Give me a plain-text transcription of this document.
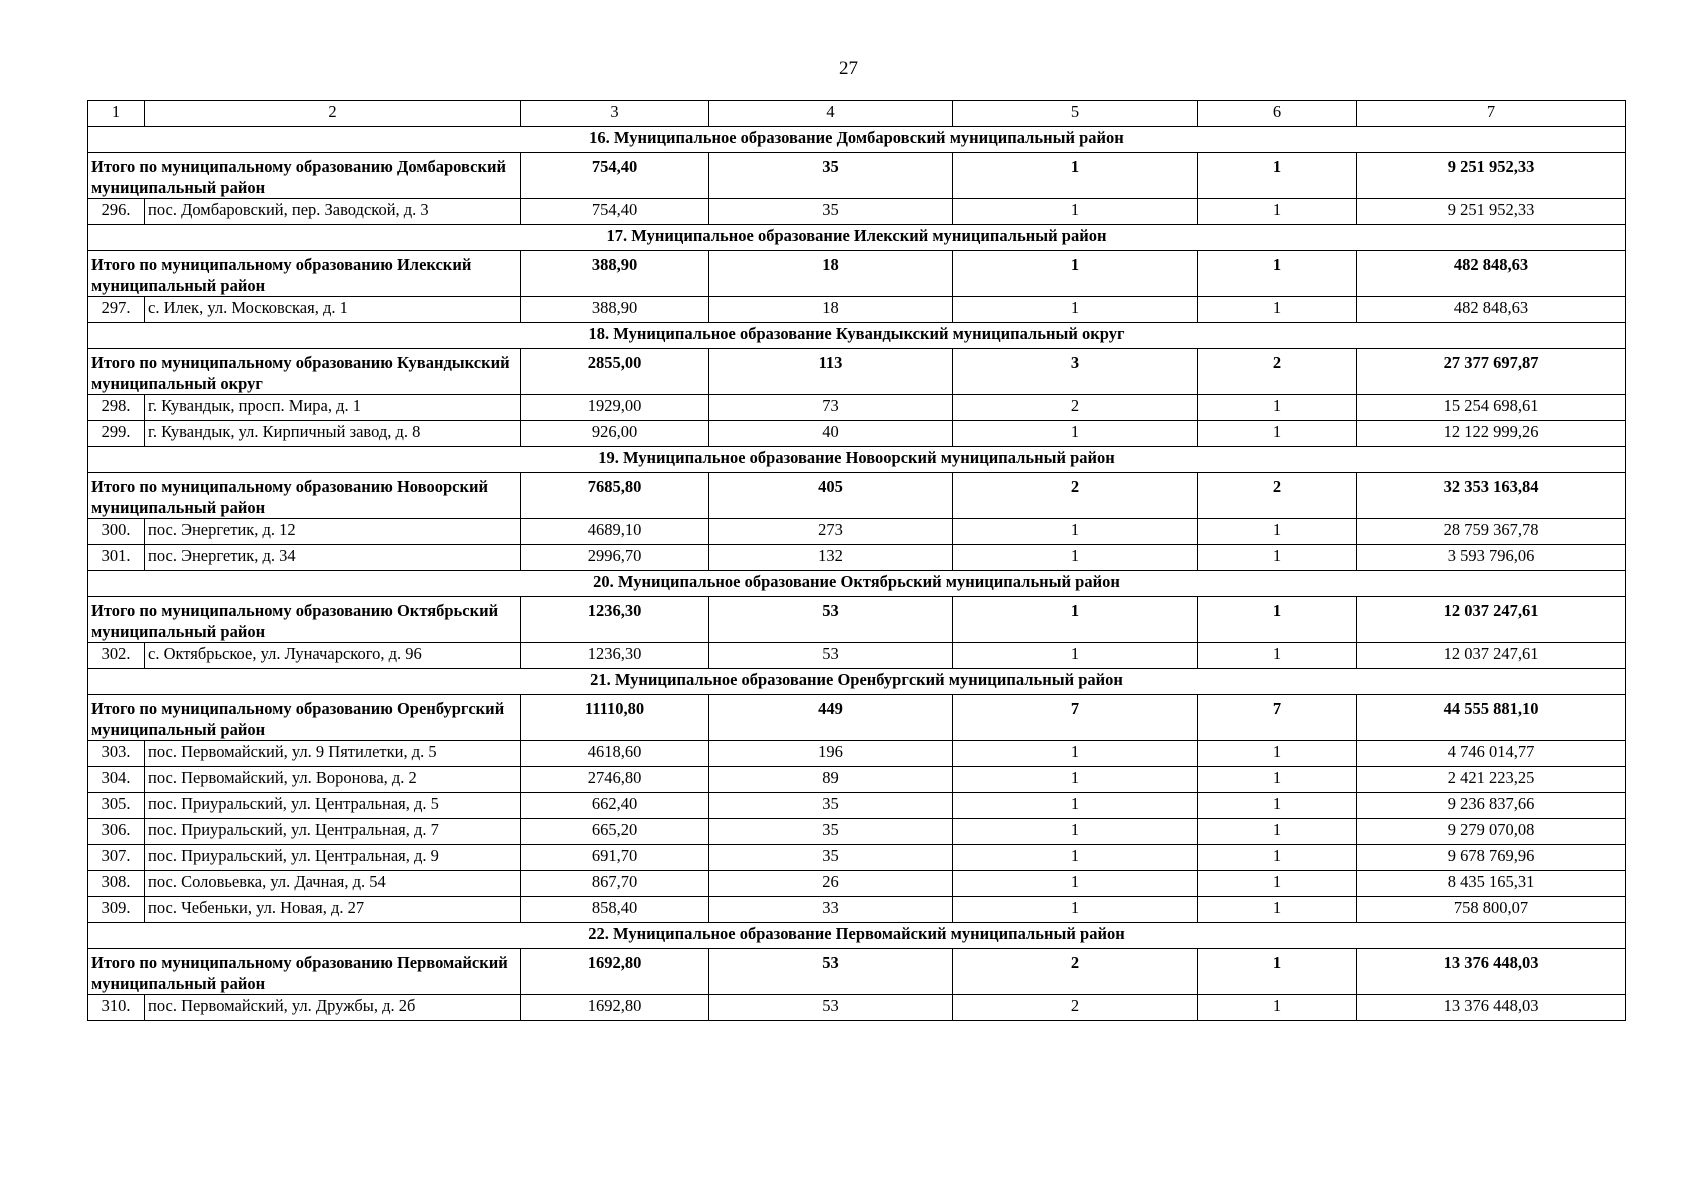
27
1	2	3	4	5	6	7
16. Муниципальное образование Домбаровский муниципальный район						
Итого по муниципальному образованию Домбаровский муниципальный район		754,40	35	1	1	9 251 952,33
296.	пос. Домбаровский, пер. Заводской, д. 3	754,40	35	1	1	9 251 952,33
17. Муниципальное образование Илекский муниципальный район						
Итого по муниципальному образованию Илекский муниципальный район		388,90	18	1	1	482 848,63
297.	с. Илек, ул. Московская, д. 1	388,90	18	1	1	482 848,63
18. Муниципальное образование Кувандыкский муниципальный округ						
Итого по муниципальному образованию Кувандыкский муниципальный округ		2855,00	113	3	2	27 377 697,87
298.	г. Кувандык, просп. Мира, д. 1	1929,00	73	2	1	15 254 698,61
299.	г. Кувандык, ул. Кирпичный завод, д. 8	926,00	40	1	1	12 122 999,26
19. Муниципальное образование Новоорский муниципальный район						
Итого по муниципальному образованию Новоорский муниципальный район		7685,80	405	2	2	32 353 163,84
300.	пос. Энергетик, д. 12	4689,10	273	1	1	28 759 367,78
301.	пос. Энергетик, д. 34	2996,70	132	1	1	3 593 796,06
20. Муниципальное образование Октябрьский муниципальный район						
Итого по муниципальному образованию Октябрьский муниципальный район		1236,30	53	1	1	12 037 247,61
302.	с. Октябрьское, ул. Луначарского, д. 96	1236,30	53	1	1	12 037 247,61
21. Муниципальное образование Оренбургский муниципальный район						
Итого по муниципальному образованию Оренбургский муниципальный район		11110,80	449	7	7	44 555 881,10
303.	пос. Первомайский, ул. 9 Пятилетки, д. 5	4618,60	196	1	1	4 746 014,77
304.	пос. Первомайский, ул. Воронова, д. 2	2746,80	89	1	1	2 421 223,25
305.	пос. Приуральский, ул. Центральная, д. 5	662,40	35	1	1	9 236 837,66
306.	пос. Приуральский, ул. Центральная, д. 7	665,20	35	1	1	9 279 070,08
307.	пос. Приуральский, ул. Центральная, д. 9	691,70	35	1	1	9 678 769,96
308.	пос. Соловьевка, ул. Дачная, д. 54	867,70	26	1	1	8 435 165,31
309.	пос. Чебеньки, ул. Новая, д. 27	858,40	33	1	1	758 800,07
22. Муниципальное образование Первомайский муниципальный район						
Итого по муниципальному образованию Первомайский муниципальный район		1692,80	53	2	1	13 376 448,03
310.	пос. Первомайский, ул. Дружбы, д. 2б	1692,80	53	2	1	13 376 448,03
